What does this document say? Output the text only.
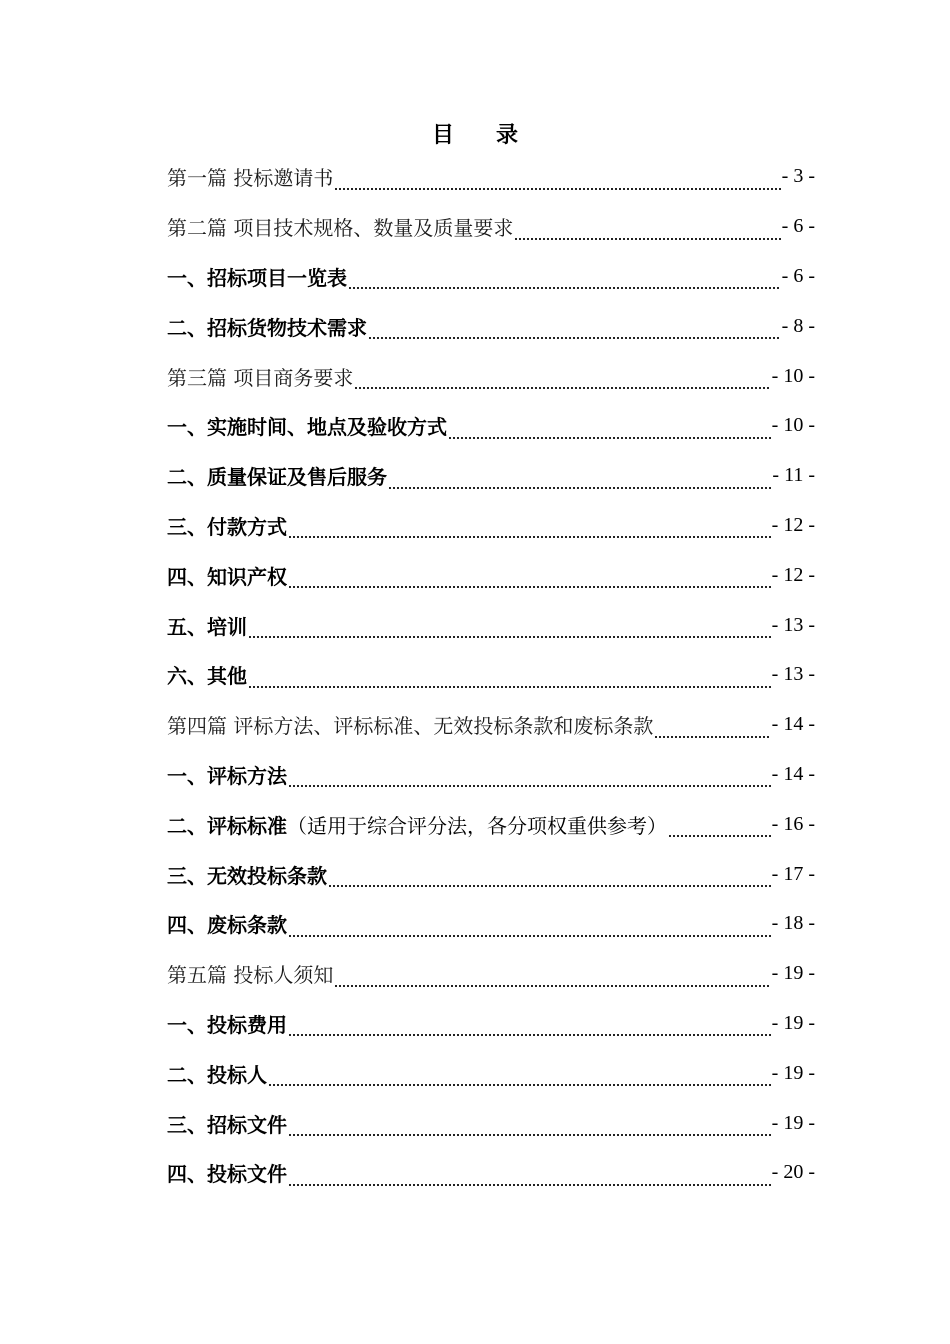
目 录
第一篇 投标邀请书	- 3 -
第二篇 项目技术规格、数量及质量要求	- 6 -
一、招标项目一览表	- 6 -
二、招标货物技术需求	- 8 -
第三篇 项目商务要求	- 10 -
一、实施时间、地点及验收方式	- 10 -
二、质量保证及售后服务	- 11 -
三、付款方式	- 12 -
四、知识产权	- 12 -
五、培训	- 13 -
六、其他	- 13 -
第四篇 评标方法、评标标准、无效投标条款和废标条款	- 14 -
一、评标方法	- 14 -
二、评标标准（适用于综合评分法，各分项权重供参考）	- 16 -
三、无效投标条款	- 17 -
四、废标条款	- 18 -
第五篇 投标人须知	- 19 -
一、投标费用	- 19 -
二、投标人	- 19 -
三、招标文件	- 19 -
四、投标文件	- 20 -
